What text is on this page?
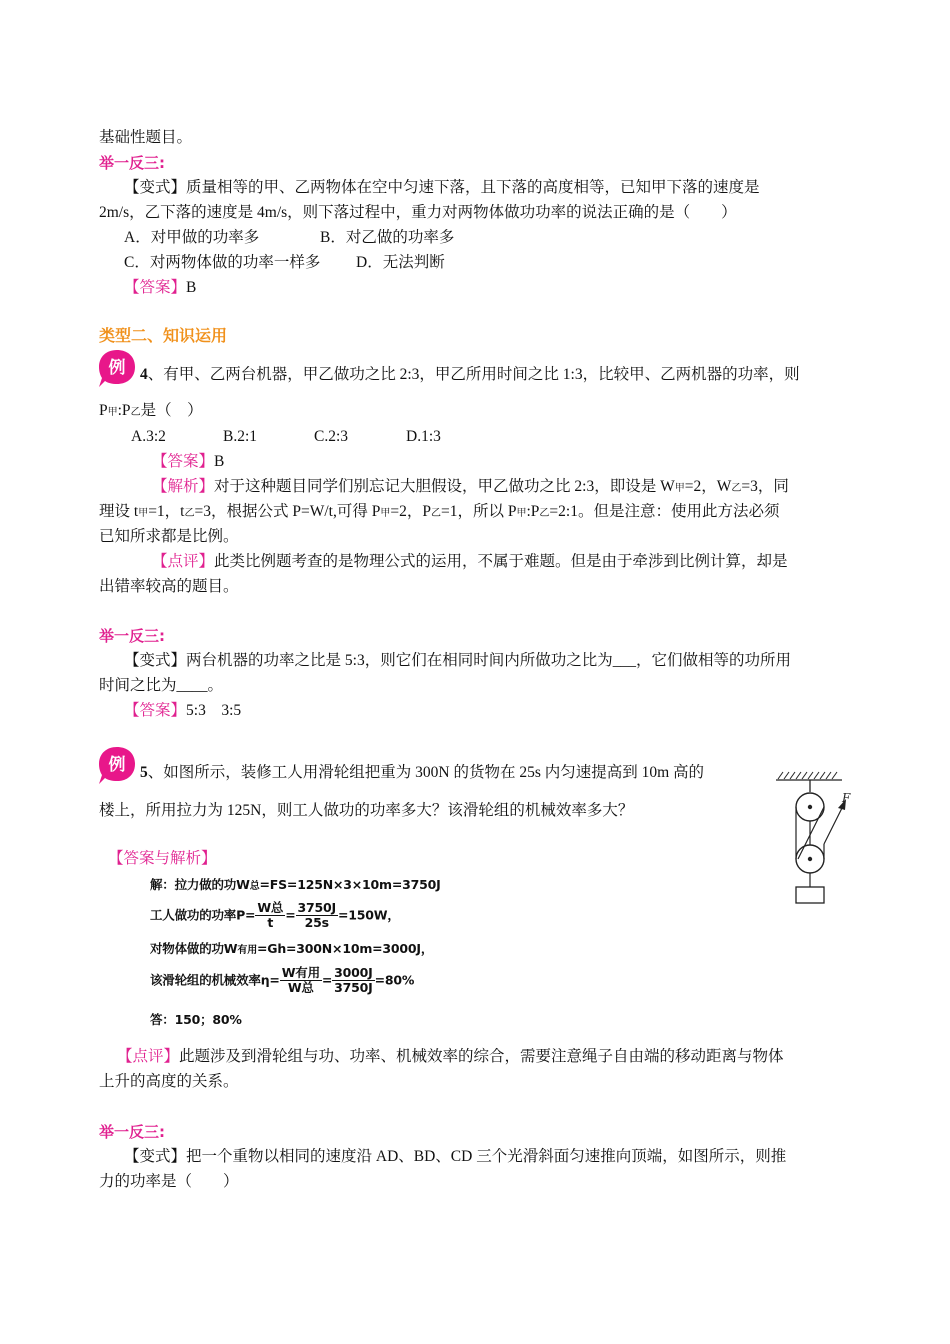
基础性题目。
举一反三:
【变式】质量相等的甲、乙两物体在空中匀速下落，且下落的高度相等，已知甲下落的速度是
2m/s，乙下落的速度是 4m/s，则下落过程中，重力对两物体做功功率的说法正确的是（　　）
A．对甲做的功率多	B．对乙做的功率多
C．对两物体做的功率一样多 D．无法判断
【答案】B
类型二、知识运用
例 4、有甲、乙两台机器，甲乙做功之比 2:3，甲乙所用时间之比 1:3，比较甲、乙两机器的功率，则
P甲:P乙是（　）
A.3:2	B.2:1	C.2:3	D.1:3
【答案】B
【解析】对于这种题目同学们别忘记大胆假设，甲乙做功之比 2:3，即设是 W甲=2，W乙=3，同
理设 t甲=1，t乙=3，根据公式 P=W/t,可得 P甲=2，P乙=1，所以 P甲:P乙=2:1。但是注意：使用此方法必须
已知所求都是比例。
【点评】此类比例题考查的是物理公式的运用，不属于难题。但是由于牵涉到比例计算，却是
出错率较高的题目。
举一反三:
【变式】两台机器的功率之比是 5:3，则它们在相同时间内所做功之比为___，它们做相等的功所用
时间之比为____。
【答案】5:3　3:5
例 5、如图所示，装修工人用滑轮组把重为 300N 的货物在 25s 内匀速提高到 10m 高的
楼上，所用拉力为 125N，则工人做功的功率多大？该滑轮组的机械效率多大？
F
【答案与解析】
解：拉力做的功W总=FS=125N×3×10m=3750J
工人做功的功率$P= \frac{\text{W总}}{t} = \frac{3750J}{25s} =150W$，
对物体做的功W有用=Gh=300N×10m=3000J，
该滑轮组的机械效率$\eta= \frac{\text{W有用}}{\text{W总}} = \frac{3000J}{3750J} =80\%$
答：150；80%
【点评】此题涉及到滑轮组与功、功率、机械效率的综合，需要注意绳子自由端的移动距离与物体
上升的高度的关系。
举一反三:
【变式】把一个重物以相同的速度沿 AD、BD、CD 三个光滑斜面匀速推向顶端，如图所示，则推
力的功率是（　　）
